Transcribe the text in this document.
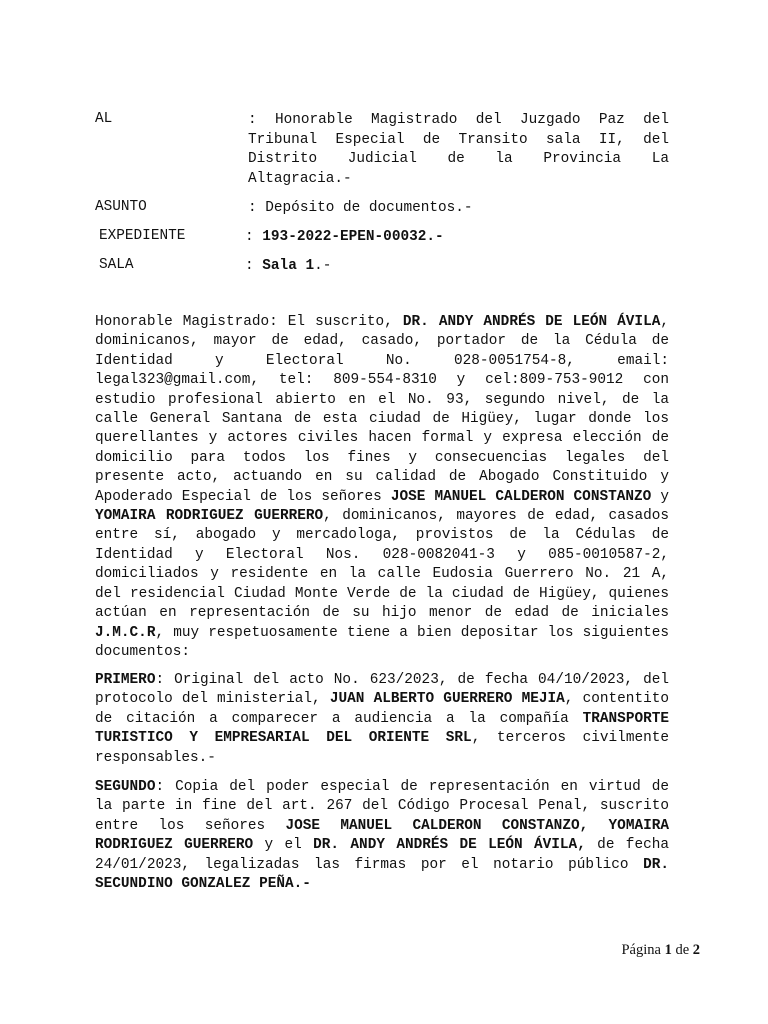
AL	: Honorable Magistrado del Juzgado Paz del Tribunal Especial de Transito sala II, del Distrito Judicial de la Provincia La Altagracia.-
ASUNTO	: Depósito de documentos.-
EXPEDIENTE	: 193-2022-EPEN-00032.-
SALA	: Sala 1.-
Honorable Magistrado: El suscrito, DR. ANDY ANDRÉS DE LEÓN ÁVILA, dominicanos, mayor de edad, casado, portador de la Cédula de Identidad y Electoral No. 028-0051754-8, email: legal323@gmail.com, tel: 809-554-8310 y cel:809-753-9012 con estudio profesional abierto en el No. 93, segundo nivel, de la calle General Santana de esta ciudad de Higüey, lugar donde los querellantes y actores civiles hacen formal y expresa elección de domicilio para todos los fines y consecuencias legales del presente acto, actuando en su calidad de Abogado Constituido y Apoderado Especial de los señores JOSE MANUEL CALDERON CONSTANZO y YOMAIRA RODRIGUEZ GUERRERO, dominicanos, mayores de edad, casados entre sí, abogado y mercadologa, provistos de la Cédulas de Identidad y Electoral Nos. 028-0082041-3 y 085-0010587-2, domiciliados y residente en la calle Eudosia Guerrero No. 21 A, del residencial Ciudad Monte Verde de la ciudad de Higüey, quienes actúan en representación de su hijo menor de edad de iniciales J.M.C.R, muy respetuosamente tiene a bien depositar los siguientes documentos:
PRIMERO: Original del acto No. 623/2023, de fecha 04/10/2023, del protocolo del ministerial, JUAN ALBERTO GUERRERO MEJIA, contentito de citación a comparecer a audiencia a la compañía TRANSPORTE TURISTICO Y EMPRESARIAL DEL ORIENTE SRL, terceros civilmente responsables.-
SEGUNDO: Copia del poder especial de representación en virtud de la parte in fine del art. 267 del Código Procesal Penal, suscrito entre los señores JOSE MANUEL CALDERON CONSTANZO, YOMAIRA RODRIGUEZ GUERRERO y el DR. ANDY ANDRÉS DE LEÓN ÁVILA, de fecha 24/01/2023, legalizadas las firmas por el notario público DR. SECUNDINO GONZALEZ PEÑA.-
Página 1 de 2
